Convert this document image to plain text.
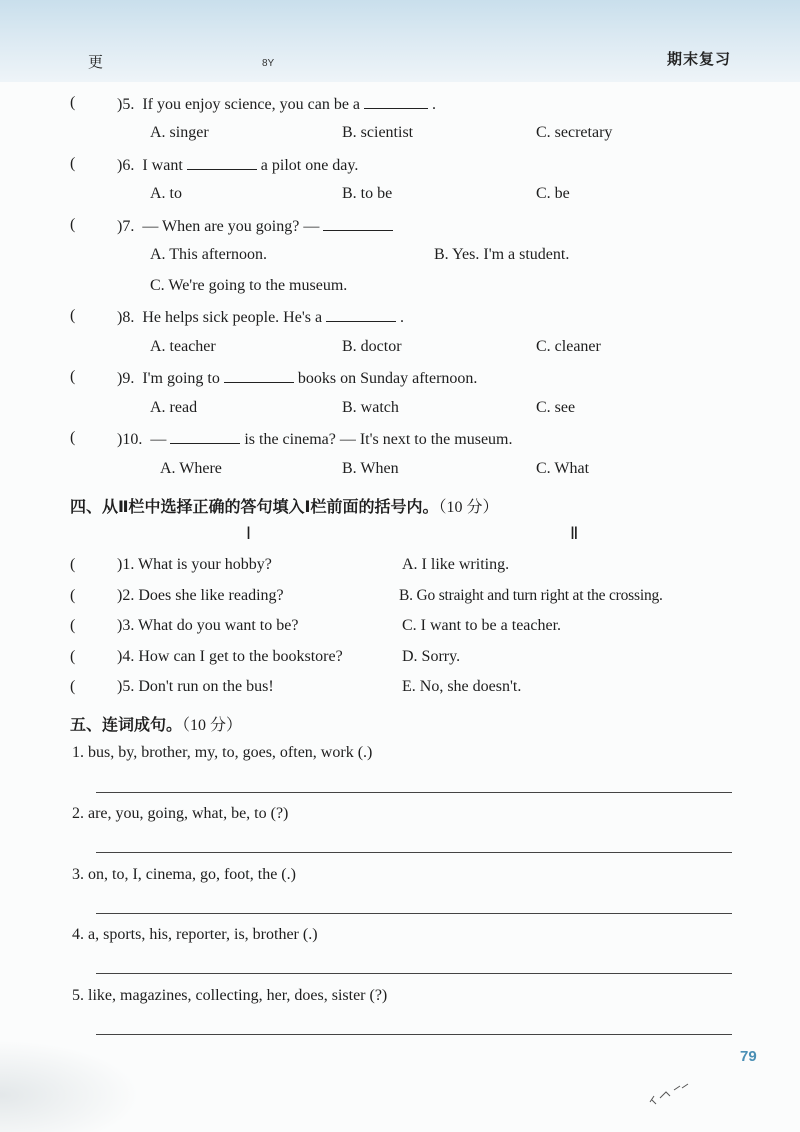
更	8Y	期末复习
(	)5. If you enjoy science, you can be a	.
A. singer	B. scientist	C. secretary
(	)6. I want	a pilot one day.
A. to	B. to be	C. be
(	)7. — When are you going? —
A. This afternoon.	B. Yes. I'm a student.
C. We're going to the museum.
(	)8. He helps sick people. He's a	.
A. teacher	B. doctor	C. cleaner
(	)9. I'm going to	books on Sunday afternoon.
A. read	B. watch	C. see
(	)10. —	is the cinema? — It's next to the museum.
A. Where	B. When	C. What
四、从Ⅱ栏中选择正确的答句填入Ⅰ栏前面的括号内。（10 分）
Ⅰ	Ⅱ
(	)1. What is your hobby?	A. I like writing.
(	)2. Does she like reading?	B. Go straight and turn right at the crossing.
(	)3. What do you want to be?	C. I want to be a teacher.
(	)4. How can I get to the bookstore?	D. Sorry.
(	)5. Don't run on the bus!	E. No, she doesn't.
五、连词成句。（10 分）
1. bus, by, brother, my, to, goes, often, work (.)
2. are, you, going, what, be, to (?)
3. on, to, I, cinema, go, foot, the (.)
4. a, sports, his, reporter, is, brother (.)
5. like, magazines, collecting, her, does, sister (?)
79
